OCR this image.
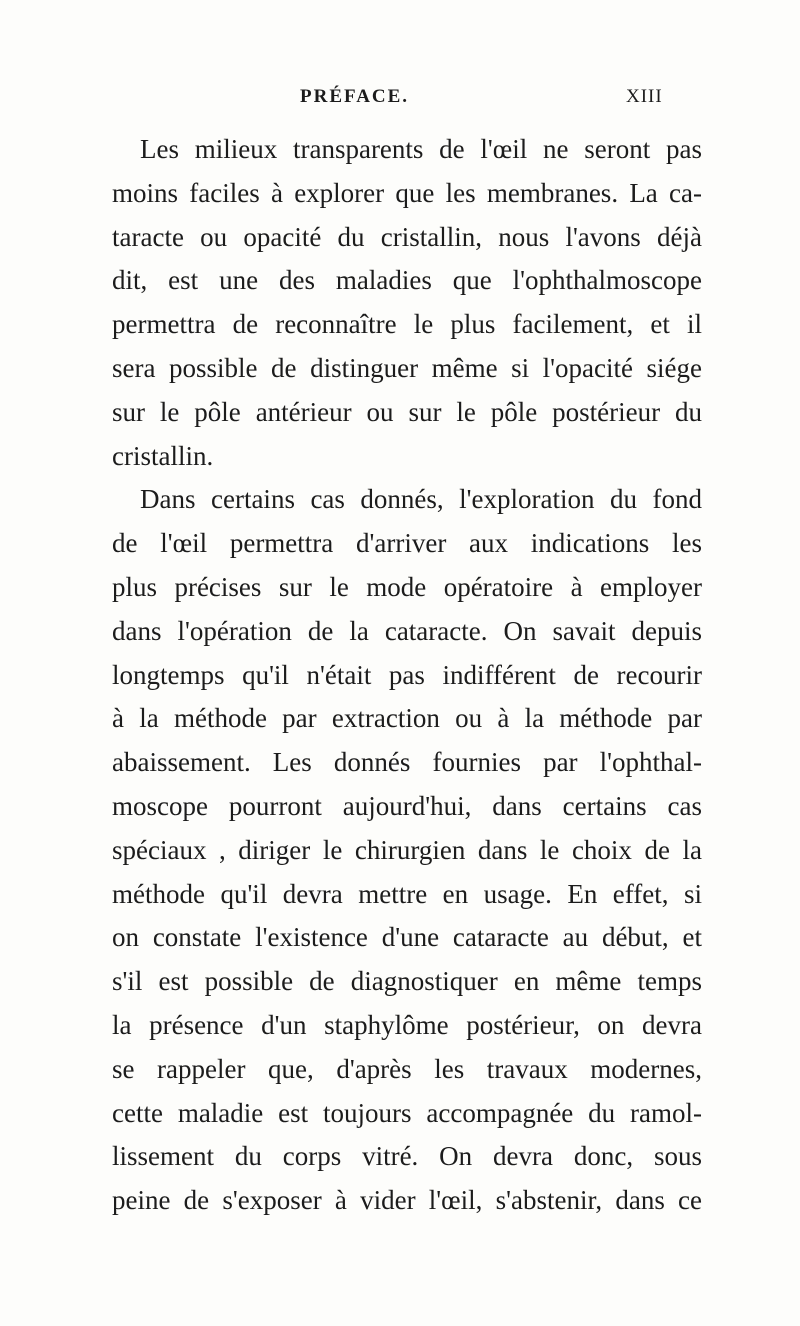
PRÉFACE.	XIII
Les milieux transparents de l'œil ne seront pas
moins faciles à explorer que les membranes. La ca-
taracte ou opacité du cristallin, nous l'avons déjà
dit, est une des maladies que l'ophthalmoscope
permettra de reconnaître le plus facilement, et il
sera possible de distinguer même si l'opacité siége
sur le pôle antérieur ou sur le pôle postérieur du
cristallin.
Dans certains cas donnés, l'exploration du fond
de l'œil permettra d'arriver aux indications les
plus précises sur le mode opératoire à employer
dans l'opération de la cataracte. On savait depuis
longtemps qu'il n'était pas indifférent de recourir
à la méthode par extraction ou à la méthode par
abaissement. Les donnés fournies par l'ophthal-
moscope pourront aujourd'hui, dans certains cas
spéciaux , diriger le chirurgien dans le choix de la
méthode qu'il devra mettre en usage. En effet, si
on constate l'existence d'une cataracte au début, et
s'il est possible de diagnostiquer en même temps
la présence d'un staphylôme postérieur, on devra
se rappeler que, d'après les travaux modernes,
cette maladie est toujours accompagnée du ramol-
lissement du corps vitré. On devra donc, sous
peine de s'exposer à vider l'œil, s'abstenir, dans ce
